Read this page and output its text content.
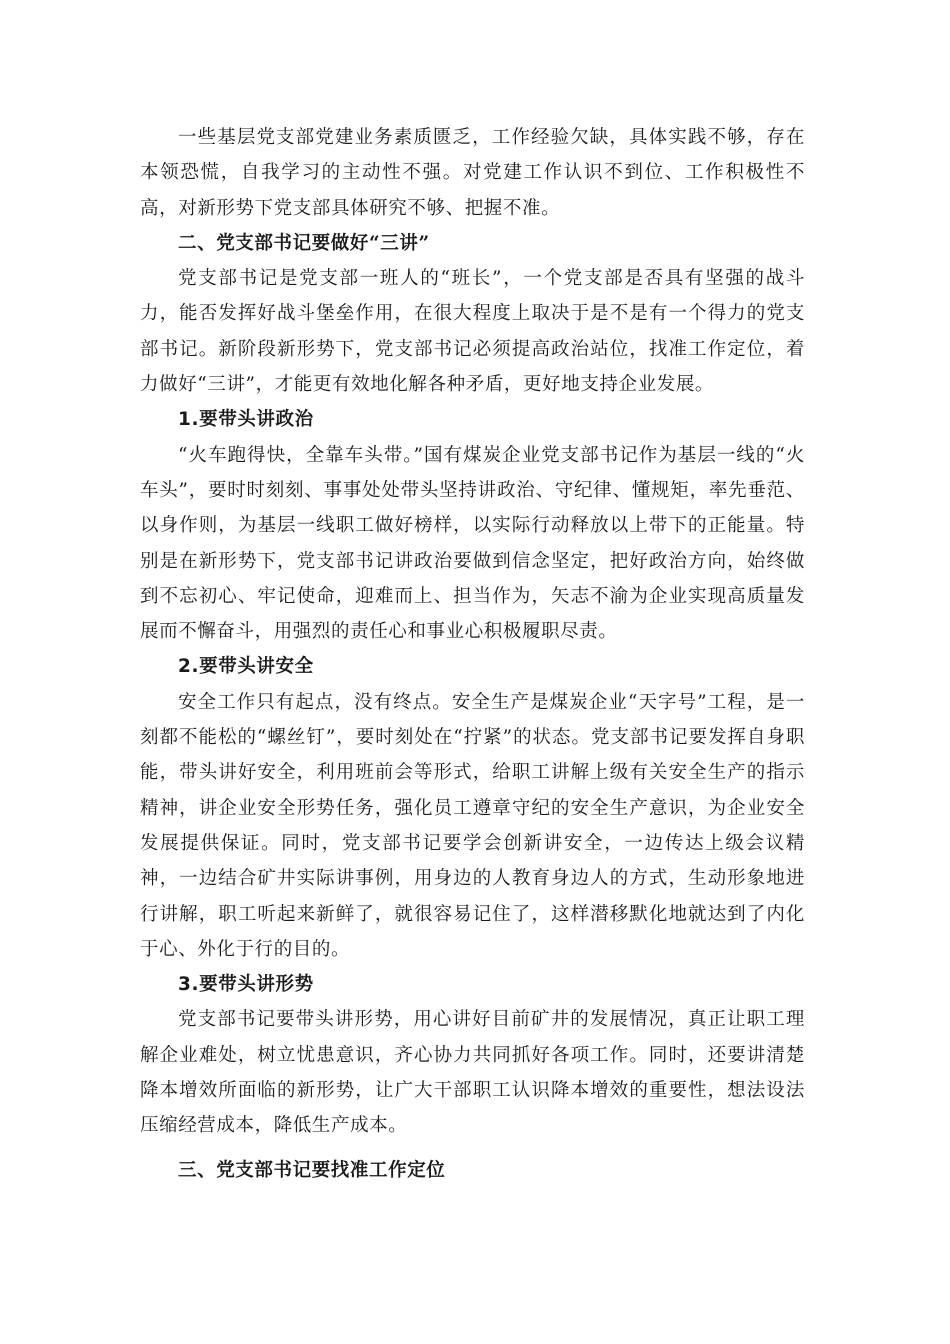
一些基层党支部党建业务素质匮乏，工作经验欠缺，具体实践不够，存在本领恐慌，自我学习的主动性不强。对党建工作认识不到位、工作积极性不高，对新形势下党支部具体研究不够、把握不准。

二、党支部书记要做好“三讲”

党支部书记是党支部一班人的“班长”，一个党支部是否具有坚强的战斗力，能否发挥好战斗堡垒作用，在很大程度上取决于是不是有一个得力的党支部书记。新阶段新形势下，党支部书记必须提高政治站位，找准工作定位，着力做好“三讲”，才能更有效地化解各种矛盾，更好地支持企业发展。

1.要带头讲政治

“火车跑得快，全靠车头带。”国有煤炭企业党支部书记作为基层一线的“火车头”，要时时刻刻、事事处处带头坚持讲政治、守纪律、懂规矩，率先垂范、以身作则，为基层一线职工做好榜样，以实际行动释放以上带下的正能量。特别是在新形势下，党支部书记讲政治要做到信念坚定，把好政治方向，始终做到不忘初心、牢记使命，迎难而上、担当作为，矢志不渝为企业实现高质量发展而不懈奋斗，用强烈的责任心和事业心积极履职尽责。

2.要带头讲安全

安全工作只有起点，没有终点。安全生产是煤炭企业“天字号”工程，是一刻都不能松的“螺丝钉”，要时刻处在“拧紧”的状态。党支部书记要发挥自身职能，带头讲好安全，利用班前会等形式，给职工讲解上级有关安全生产的指示精神，讲企业安全形势任务，强化员工遵章守纪的安全生产意识，为企业安全发展提供保证。同时，党支部书记要学会创新讲安全，一边传达上级会议精神，一边结合矿井实际讲事例，用身边的人教育身边人的方式，生动形象地进行讲解，职工听起来新鲜了，就很容易记住了，这样潜移默化地就达到了内化于心、外化于行的目的。

3.要带头讲形势

党支部书记要带头讲形势，用心讲好目前矿井的发展情况，真正让职工理解企业难处，树立忧患意识，齐心协力共同抓好各项工作。同时，还要讲清楚降本增效所面临的新形势，让广大干部职工认识降本增效的重要性，想法设法压缩经营成本，降低生产成本。

三、党支部书记要找准工作定位
